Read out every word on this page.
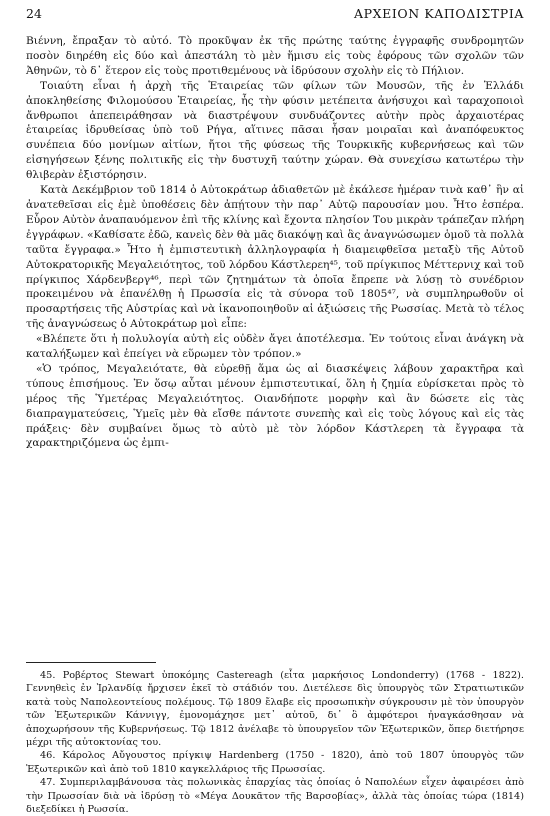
24	ΑΡΧΕΙΟΝ ΚΑΠΟΔΙΣΤΡΙΑ

Βιέννη, ἔπραξαν τὸ αὐτό. Τὸ προκῦψαν ἐκ τῆς πρώτης ταύτης ἐγγραφῆς συνδρομητῶν ποσὸν διηρέθη εἰς δύο καὶ ἀπεστάλη τὸ μὲν ἥμισυ εἰς τοὺς ἐφόρους τῶν σχολῶν τῶν Ἀθηνῶν, τὸ δ᾽ ἕτερον εἰς τοὺς προτιθεμένους νὰ ἱδρύσουν σχολὴν εἰς τὸ Πήλιον.

Τοιαύτη εἶναι ἡ ἀρχὴ τῆς Ἑταιρείας τῶν φίλων τῶν Μουσῶν, τῆς ἐν Ἑλλάδι ἀποκληθείσης Φιλομούσου Ἑταιρείας, ἧς τὴν φύσιν μετέπειτα ἀνήσυχοι καὶ ταραχοποιοὶ ἄνθρωποι ἀπεπειράθησαν νὰ διαστρέψουν συνδυάζοντες αὐτὴν πρὸς ἀρχαιοτέρας ἑταιρείας ἱδρυθείσας ὑπὸ τοῦ Ρήγα, αἵτινες πᾶσαι ἦσαν μοιραῖαι καὶ ἀναπόφευκτος συνέπεια δύο μονίμων αἰτίων, ἤτοι τῆς φύσεως τῆς Τουρκικῆς κυβερνήσεως καὶ τῶν εἰσηγήσεων ξένης πολιτικῆς εἰς τὴν δυστυχῆ ταύτην χώραν. Θὰ συνεχίσω κατωτέρω τὴν θλιβερὰν ἐξιστόρησιν.

Κατὰ Δεκέμβριον τοῦ 1814 ὁ Αὐτοκράτωρ ἀδιαθετῶν μὲ ἐκάλεσε ἡμέραν τινὰ καθ᾽ ἣν αἱ ἀνατεθεῖσαι εἰς ἐμὲ ὑποθέσεις δὲν ἀπῄτουν τὴν παρ᾽ Αὐτῷ παρουσίαν μου. Ἦτο ἑσπέρα. Εὗρον Αὐτὸν ἀναπαυόμενον ἐπὶ τῆς κλίνης καὶ ἔχοντα πλησίον Του μικρὰν τράπεζαν πλήρη ἐγγράφων. «Καθίσατε ἐδῶ, κανεὶς δὲν θὰ μᾶς διακόψῃ καὶ ἂς ἀναγνώσωμεν ὁμοῦ τὰ πολλὰ ταῦτα ἔγγραφα.» Ἦτο ἡ ἐμπιστευτικὴ ἀλληλογραφία ἡ διαμειφθεῖσα μεταξὺ τῆς Αὐτοῦ Αὐτοκρατορικῆς Μεγαλειότητος, τοῦ λόρδου Κάστλερεη⁴⁵, τοῦ πρίγκιπος Μέττερνιχ καὶ τοῦ πρίγκιπος Χάρδενβεργ⁴⁶, περὶ τῶν ζητημάτων τὰ ὁποῖα ἔπρεπε νὰ λύσῃ τὸ συνέδριον προκειμένου νὰ ἐπανέλθῃ ἡ Πρωσσία εἰς τὰ σύνορα τοῦ 1805⁴⁷, νὰ συμπληρωθοῦν οἱ προσαρτήσεις τῆς Αὐστρίας καὶ νὰ ἱκανοποιηθοῦν αἱ ἀξιώσεις τῆς Ρωσσίας. Μετὰ τὸ τέλος τῆς ἀναγνώσεως ὁ Αὐτοκράτωρ μοὶ εἶπε:

«Βλέπετε ὅτι ἡ πολυλογία αὐτὴ εἰς οὐδὲν ἄγει ἀποτέλεσμα. Ἐν τούτοις εἶναι ἀνάγκη νὰ καταλήξωμεν καὶ ἐπείγει νὰ εὕρωμεν τὸν τρόπον.»

«Ὁ τρόπος, Μεγαλειότατε, θὰ εὑρεθῇ ἅμα ὡς αἱ διασκέψεις λάβουν χαρακτῆρα καὶ τύπους ἐπισήμους. Ἐν ὅσῳ αὗται μένουν ἐμπιστευτικαί, ὅλη ἡ ζημία εὑρίσκεται πρὸς τὸ μέρος τῆς Ὑμετέρας Μεγαλειότητος. Οιανδήποτε μορφὴν καὶ ἂν δώσετε εἰς τὰς διαπραγματεύσεις, Ὑμεῖς μὲν θὰ εἴσθε πάντοτε συνεπὴς καὶ εἰς τοὺς λόγους καὶ εἰς τὰς πράξεις· δὲν συμβαίνει ὅμως τὸ αὐτὸ μὲ τὸν λόρδον Κάστλερεη τὰ ἔγγραφα τὰ χαρακτηριζόμενα ὡς ἐμπι-

45. Ροβέρτος Stewart ὑποκόμης Castereagh (εἶτα μαρκήσιος Londonderry) (1768 - 1822). Γεννηθεὶς ἐν Ἰρλανδίᾳ ἤρχισεν ἐκεῖ τὸ στάδιόν του. Διετέλεσε δὶς ὑπουργὸς τῶν Στρατιωτικῶν κατὰ τοὺς Ναπολεοντείους πολέμους. Τῷ 1809 ἔλαβε εἰς προσωπικὴν σύγκρουσιν μὲ τὸν ὑπουργὸν τῶν Ἐξωτερικῶν Κάννιγγ, ἐμονομάχησε μετ᾽ αὐτοῦ, δι᾽ ὃ ἀμφότεροι ἠναγκάσθησαν νὰ ἀποχωρήσουν τῆς Κυβερνήσεως. Τῷ 1812 ἀνέλαβε τὸ ὑπουργεῖον τῶν Ἐξωτερικῶν, ὅπερ διετήρησε μέχρι τῆς αὐτοκτονίας του.

46. Κάρολος Αὔγουστος πρίγκιψ Hardenberg (1750 - 1820), ἀπὸ τοῦ 1807 ὑπουργὸς τῶν Ἐξωτερικῶν καὶ ἀπὸ τοῦ 1810 καγκελλάριος τῆς Πρωσσίας.

47. Συμπεριλαμβάνουσα τὰς πολωνικὰς ἐπαρχίας τὰς ὁποίας ὁ Ναπολέων εἶχεν ἀφαιρέσει ἀπὸ τὴν Πρωσσίαν διὰ νὰ ἱδρύσῃ τὸ «Μέγα Δουκᾶτον τῆς Βαρσοβίας», ἀλλὰ τὰς ὁποίας τώρα (1814) διεξεδίκει ἡ Ρωσσία.
